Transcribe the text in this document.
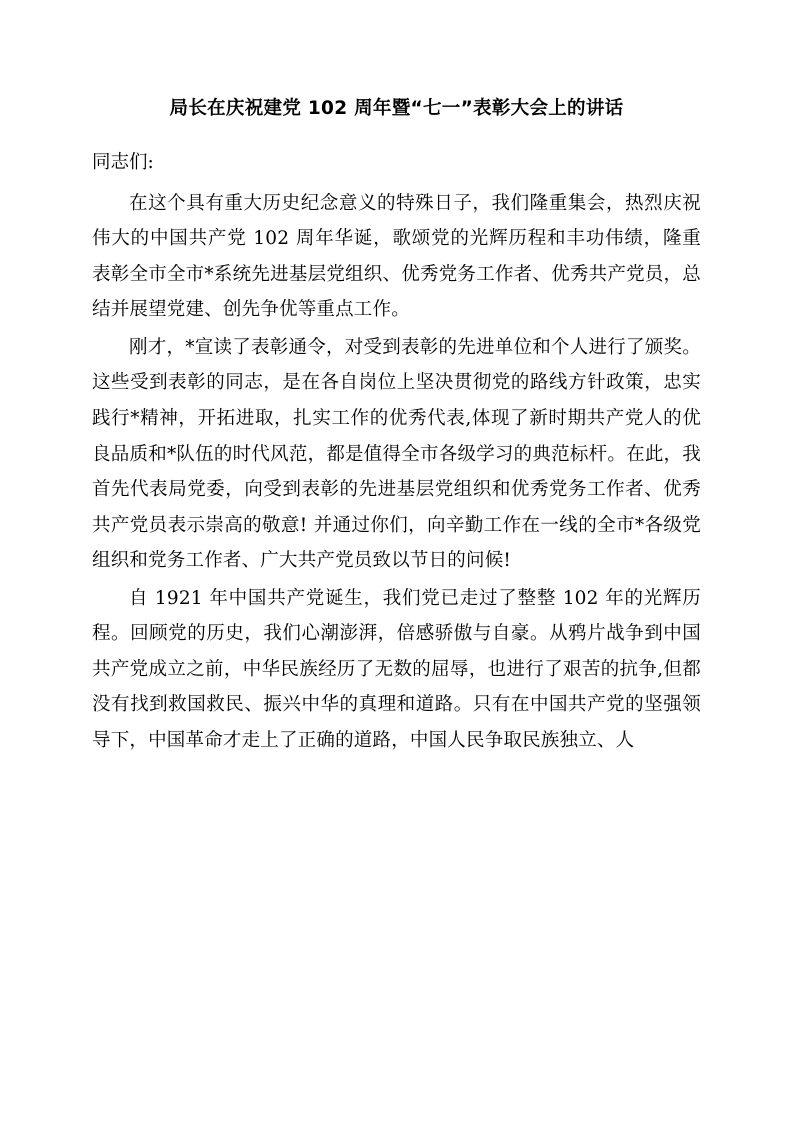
局长在庆祝建党 102 周年暨“七一”表彰大会上的讲话

同志们:

在这个具有重大历史纪念意义的特殊日子，我们隆重集会，热烈庆祝伟大的中国共产党 102 周年华诞，歌颂党的光辉历程和丰功伟绩，隆重表彰全市全市*系统先进基层党组织、优秀党务工作者、优秀共产党员，总结并展望党建、创先争优等重点工作。

刚才，*宣读了表彰通令，对受到表彰的先进单位和个人进行了颁奖。这些受到表彰的同志，是在各自岗位上坚决贯彻党的路线方针政策，忠实践行*精神，开拓进取，扎实工作的优秀代表,体现了新时期共产党人的优良品质和*队伍的时代风范，都是值得全市各级学习的典范标杆。在此，我首先代表局党委，向受到表彰的先进基层党组织和优秀党务工作者、优秀共产党员表示崇高的敬意! 并通过你们，向辛勤工作在一线的全市*各级党组织和党务工作者、广大共产党员致以节日的问候!

自 1921 年中国共产党诞生，我们党已走过了整整 102 年的光辉历程。回顾党的历史，我们心潮澎湃，倍感骄傲与自豪。从鸦片战争到中国共产党成立之前，中华民族经历了无数的屈辱，也进行了艰苦的抗争,但都没有找到救国救民、振兴中华的真理和道路。只有在中国共产党的坚强领导下，中国革命才走上了正确的道路，中国人民争取民族独立、人
